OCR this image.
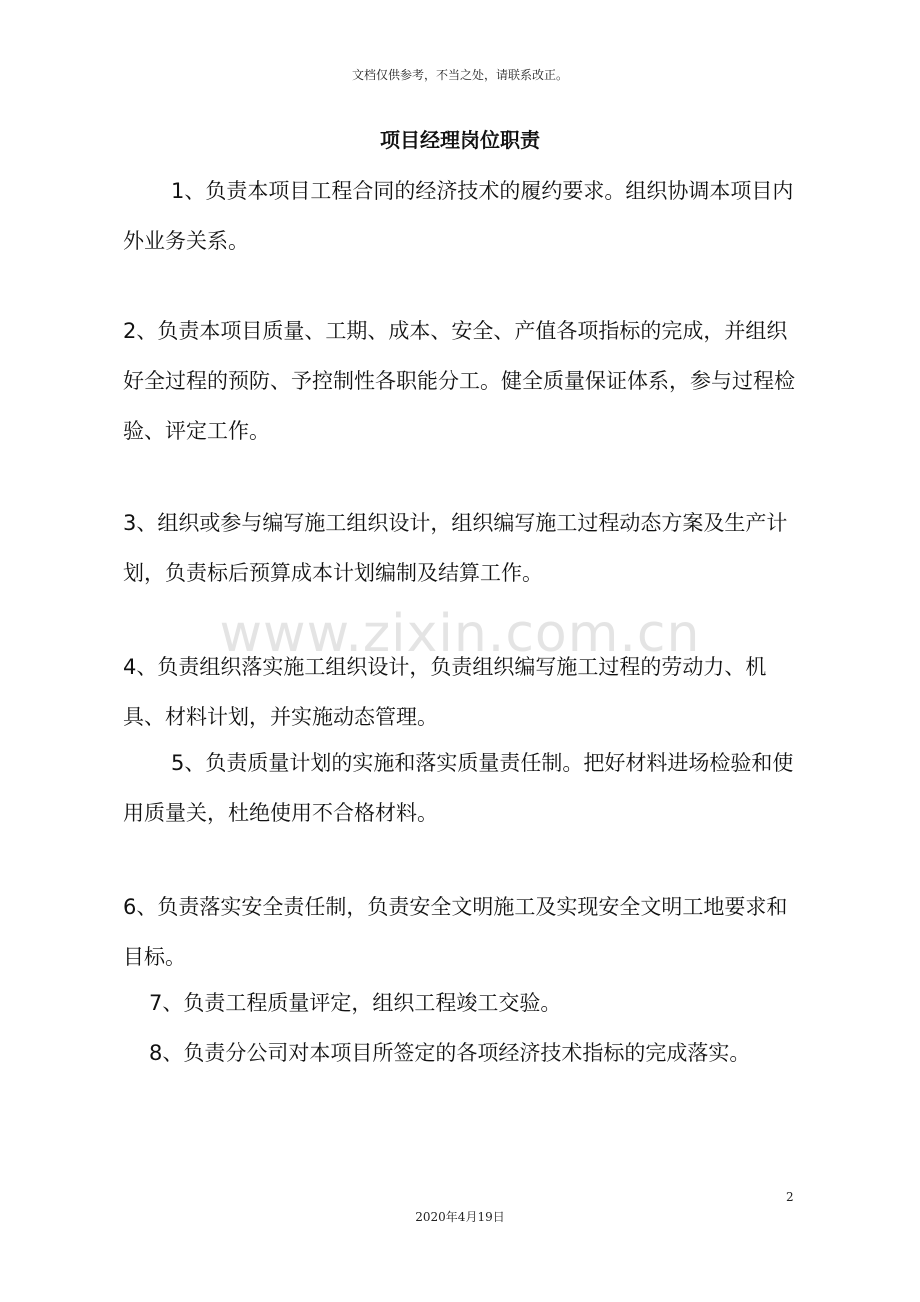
文档仅供参考，不当之处，请联系改正。
项目经理岗位职责
1、负责本项目工程合同的经济技术的履约要求。组织协调本项目内外业务关系。
2、负责本项目质量、工期、成本、安全、产值各项指标的完成，并组织好全过程的预防、予控制性各职能分工。健全质量保证体系，参与过程检验、评定工作。
3、组织或参与编写施工组织设计，组织编写施工过程动态方案及生产计划，负责标后预算成本计划编制及结算工作。
www.zixin.com.cn
4、负责组织落实施工组织设计，负责组织编写施工过程的劳动力、机具、材料计划，并实施动态管理。
5、负责质量计划的实施和落实质量责任制。把好材料进场检验和使用质量关，杜绝使用不合格材料。
6、负责落实安全责任制，负责安全文明施工及实现安全文明工地要求和目标。
7、负责工程质量评定，组织工程竣工交验。
8、负责分公司对本项目所签定的各项经济技术指标的完成落实。
2
2020年4月19日
